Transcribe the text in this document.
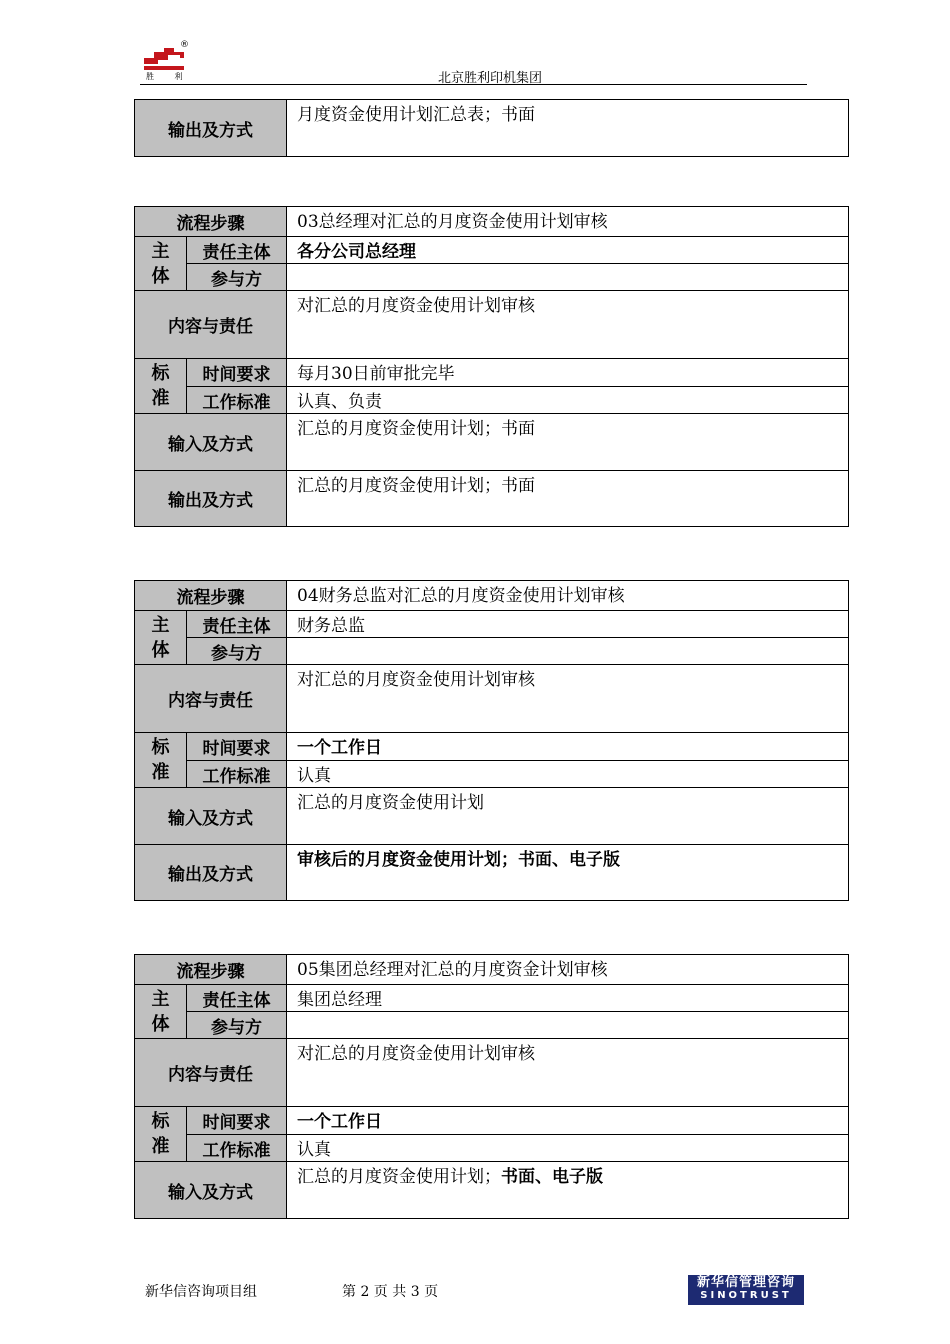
®
胜 利	北京胜利印机集团
输出及方式	月度资金使用计划汇总表；书面
流程步骤		03总经理对汇总的月度资金使用计划审核
主
体	责任主体	各分公司总经理
	参与方	
内容与责任		对汇总的月度资金使用计划审核
标
准	时间要求	每月30日前审批完毕
	工作标准	认真、负责
输入及方式		汇总的月度资金使用计划；书面
输出及方式		汇总的月度资金使用计划；书面
流程步骤		04财务总监对汇总的月度资金使用计划审核
主
体	责任主体	财务总监
	参与方	
内容与责任		对汇总的月度资金使用计划审核
标
准	时间要求	一个工作日
	工作标准	认真
输入及方式		汇总的月度资金使用计划
输出及方式		审核后的月度资金使用计划；书面、电子版
流程步骤		05集团总经理对汇总的月度资金计划审核
主
体	责任主体	集团总经理
	参与方	
内容与责任		对汇总的月度资金使用计划审核
标
准	时间要求	一个工作日
	工作标准	认真
输入及方式		汇总的月度资金使用计划；书面、电子版
新华信咨询项目组	第 2 页 共 3 页
新华信管理咨询
SINOTRUST
